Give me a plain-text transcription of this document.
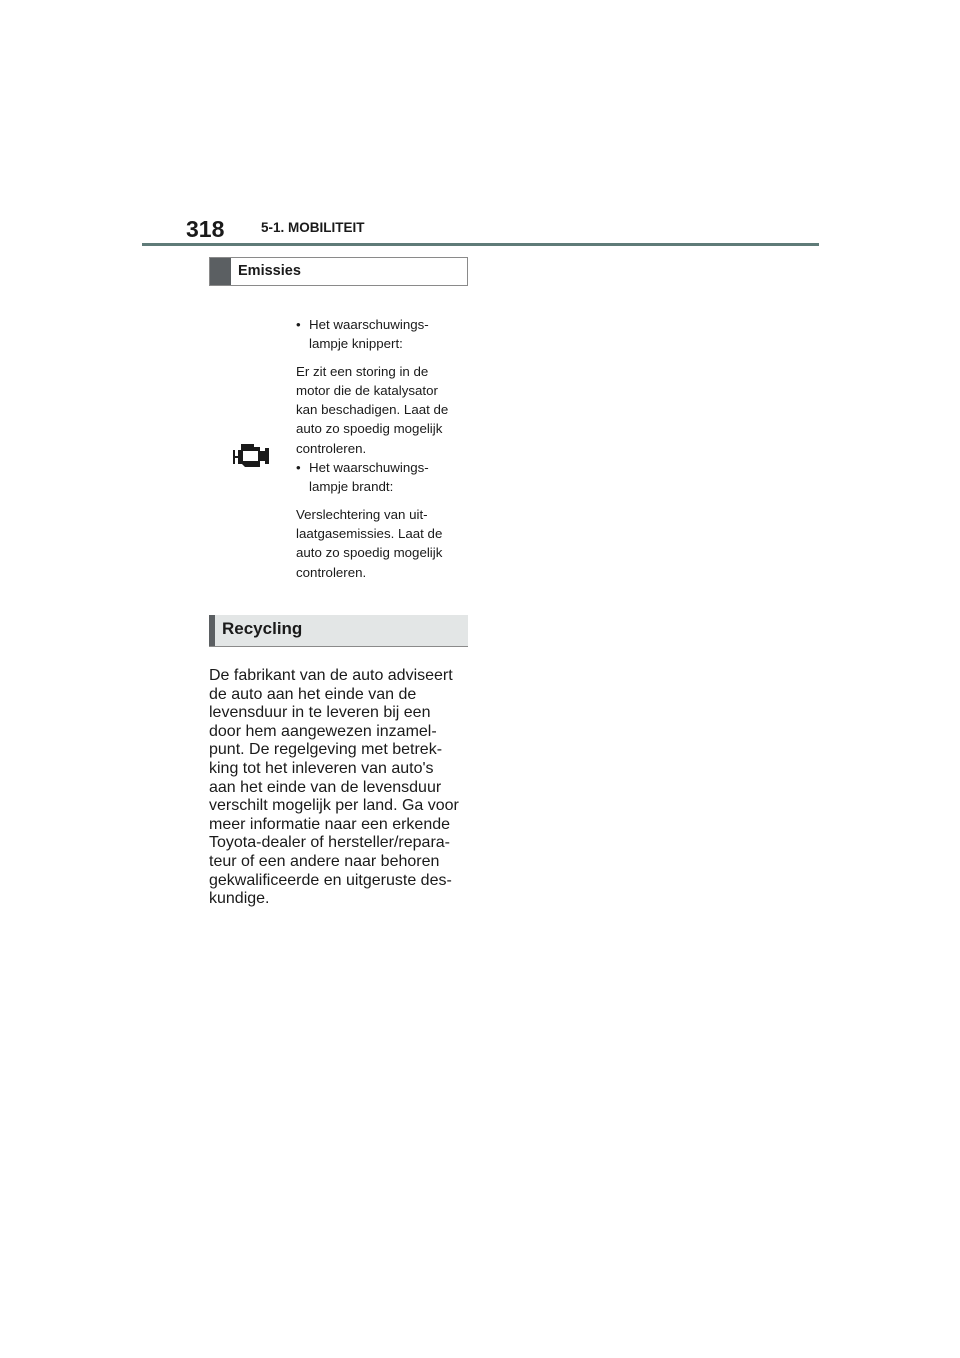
318	5-1. MOBILITEIT
Emissies
• Het waarschuwings-
lampje knippert:
Er zit een storing in de
motor die de katalysator
kan beschadigen. Laat de
auto zo spoedig mogelijk
controleren.
• Het waarschuwings-
lampje brandt:
Verslechtering van uit-
laatgasemissies. Laat de
auto zo spoedig mogelijk
controleren.
Recycling
De fabrikant van de auto adviseert
de auto aan het einde van de
levensduur in te leveren bij een
door hem aangewezen inzamel-
punt. De regelgeving met betrek-
king tot het inleveren van auto's
aan het einde van de levensduur
verschilt mogelijk per land. Ga voor
meer informatie naar een erkende
Toyota-dealer of hersteller/repara-
teur of een andere naar behoren
gekwalificeerde en uitgeruste des-
kundige.
